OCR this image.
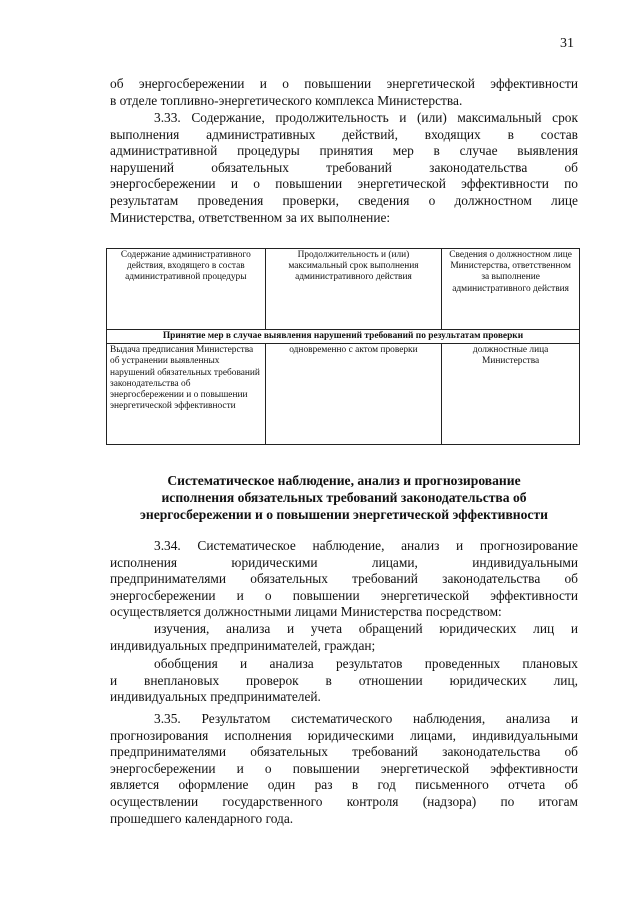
31
об энергосбережении и о повышении энергетической эффективности
в отделе топливно-энергетического комплекса Министерства.
3.33. Содержание, продолжительность и (или) максимальный срок
выполнения административных действий, входящих в состав
административной процедуры принятия мер в случае выявления
нарушений обязательных требований законодательства об
энергосбережении и о повышении энергетической эффективности по
результатам проведения проверки, сведения о должностном лице
Министерства, ответственном за их выполнение:
Содержание административного действия, входящего в состав административной процедуры	Продолжительность и (или) максимальный срок выполнения административного действия	Сведения о должностном лице Министерства, ответственном за выполнение административного действия
Принятие мер в случае выявления нарушений требований по результатам проверки		
Выдача предписания Министерства об устранении выявленных нарушений обязательных требований законодательства об энергосбережении и о повышении энергетической эффективности	одновременно с актом проверки	должностные лица Министерства
Систематическое наблюдение, анализ и прогнозирование
исполнения обязательных требований законодательства об
энергосбережении и о повышении энергетической эффективности
3.34. Систематическое наблюдение, анализ и прогнозирование
исполнения юридическими лицами, индивидуальными
предпринимателями обязательных требований законодательства об
энергосбережении и о повышении энергетической эффективности
осуществляется должностными лицами Министерства посредством:
изучения, анализа и учета обращений юридических лиц и
индивидуальных предпринимателей, граждан;
обобщения и анализа результатов проведенных плановых
и внеплановых проверок в отношении юридических лиц,
индивидуальных предпринимателей.
3.35. Результатом систематического наблюдения, анализа и
прогнозирования исполнения юридическими лицами, индивидуальными
предпринимателями обязательных требований законодательства об
энергосбережении и о повышении энергетической эффективности
является оформление один раз в год письменного отчета об
осуществлении государственного контроля (надзора) по итогам
прошедшего календарного года.
